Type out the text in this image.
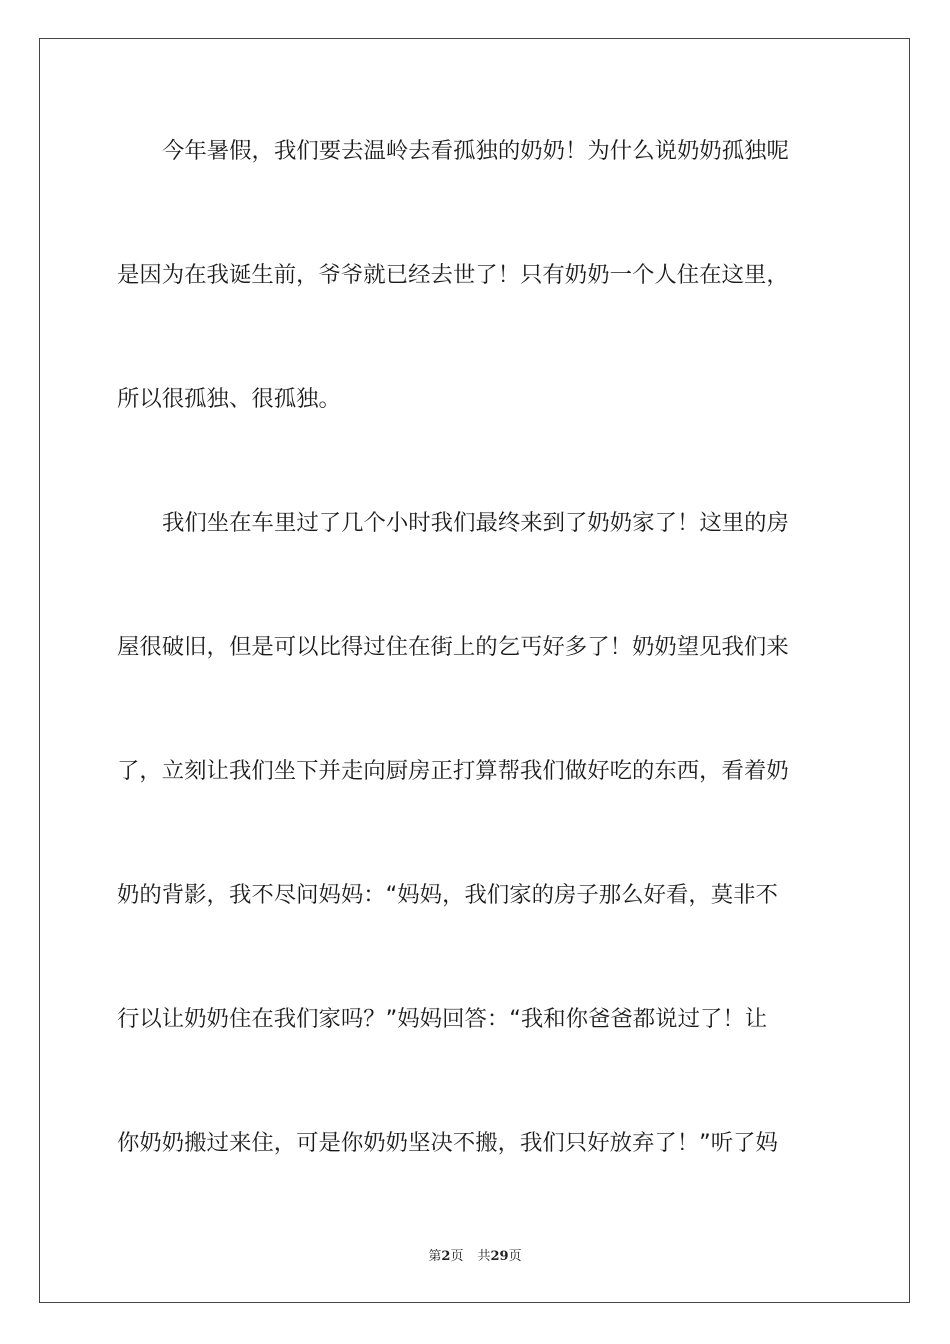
今年暑假，我们要去温岭去看孤独的奶奶！为什么说奶奶孤独呢
是因为在我诞生前，爷爷就已经去世了！只有奶奶一个人住在这里，
所以很孤独、很孤独。
我们坐在车里过了几个小时我们最终来到了奶奶家了！这里的房
屋很破旧，但是可以比得过住在街上的乞丐好多了！奶奶望见我们来
了，立刻让我们坐下并走向厨房正打算帮我们做好吃的东西，看着奶
奶的背影，我不尽问妈妈：“妈妈，我们家的房子那么好看，莫非不
行以让奶奶住在我们家吗？”妈妈回答：“我和你爸爸都说过了！让
你奶奶搬过来住，可是你奶奶坚决不搬，我们只好放弃了！”听了妈
第2页 共29页
